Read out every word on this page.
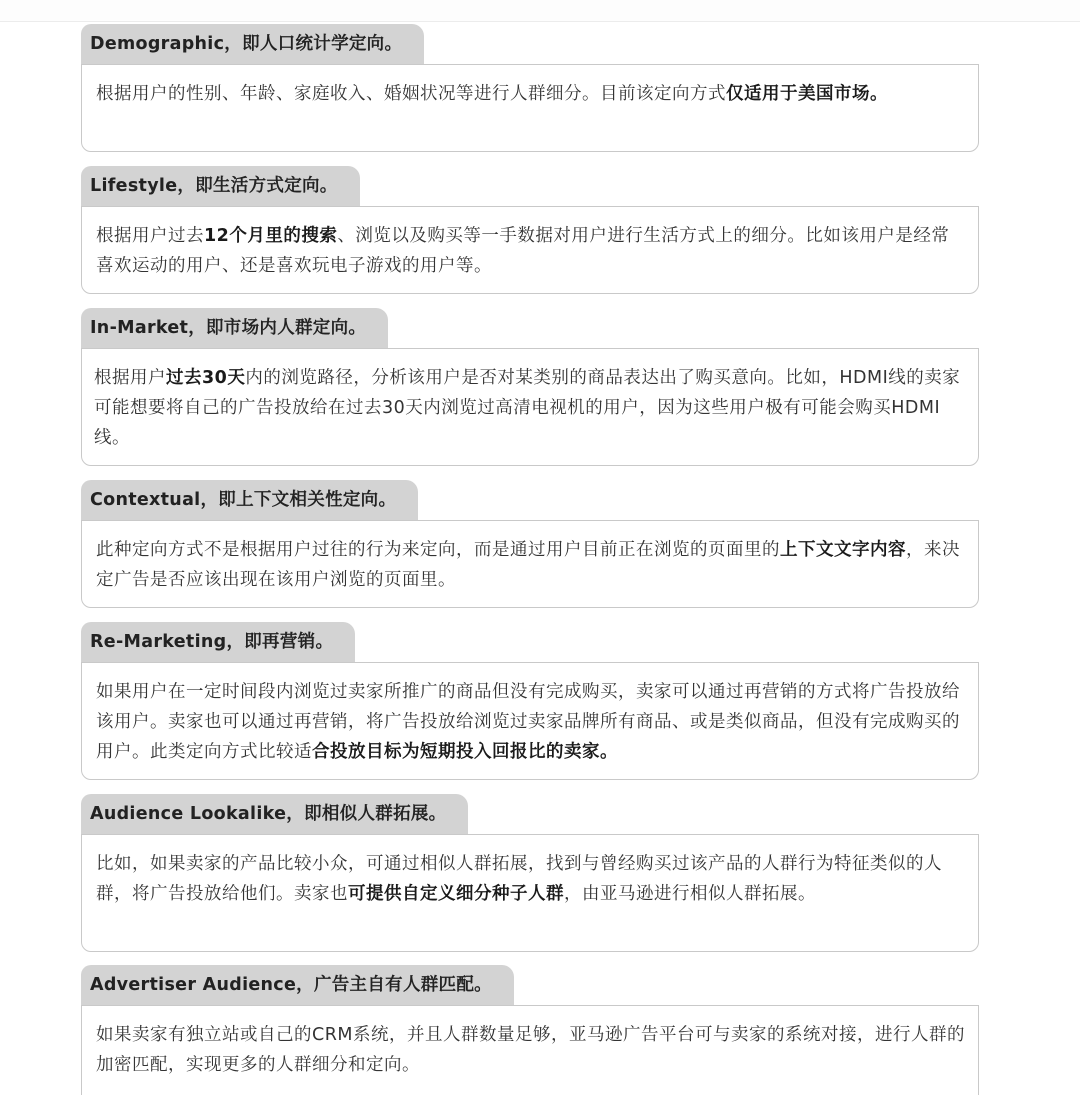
Demographic，即人口统计学定向。
根据用户的性别、年龄、家庭收入、婚姻状况等进行人群细分。目前该定向方式仅适用于美国市场。
Lifestyle，即生活方式定向。
根据用户过去12个月里的搜索、浏览以及购买等一手数据对用户进行生活方式上的细分。比如该用户是经常喜欢运动的用户、还是喜欢玩电子游戏的用户等。
In-Market，即市场内人群定向。
根据用户过去30天内的浏览路径，分析该用户是否对某类别的商品表达出了购买意向。比如，HDMI线的卖家可能想要将自己的广告投放给在过去30天内浏览过高清电视机的用户，因为这些用户极有可能会购买HDMI线。
Contextual，即上下文相关性定向。
此种定向方式不是根据用户过往的行为来定向，而是通过用户目前正在浏览的页面里的上下文文字内容，来决定广告是否应该出现在该用户浏览的页面里。
Re-Marketing，即再营销。
如果用户在一定时间段内浏览过卖家所推广的商品但没有完成购买，卖家可以通过再营销的方式将广告投放给该用户。卖家也可以通过再营销，将广告投放给浏览过卖家品牌所有商品、或是类似商品，但没有完成购买的用户。此类定向方式比较适合投放目标为短期投入回报比的卖家。
Audience Lookalike，即相似人群拓展。
比如，如果卖家的产品比较小众，可通过相似人群拓展，找到与曾经购买过该产品的人群行为特征类似的人群，将广告投放给他们。卖家也可提供自定义细分种子人群，由亚马逊进行相似人群拓展。
Advertiser Audience，广告主自有人群匹配。
如果卖家有独立站或自己的CRM系统，并且人群数量足够，亚马逊广告平台可与卖家的系统对接，进行人群的加密匹配，实现更多的人群细分和定向。
